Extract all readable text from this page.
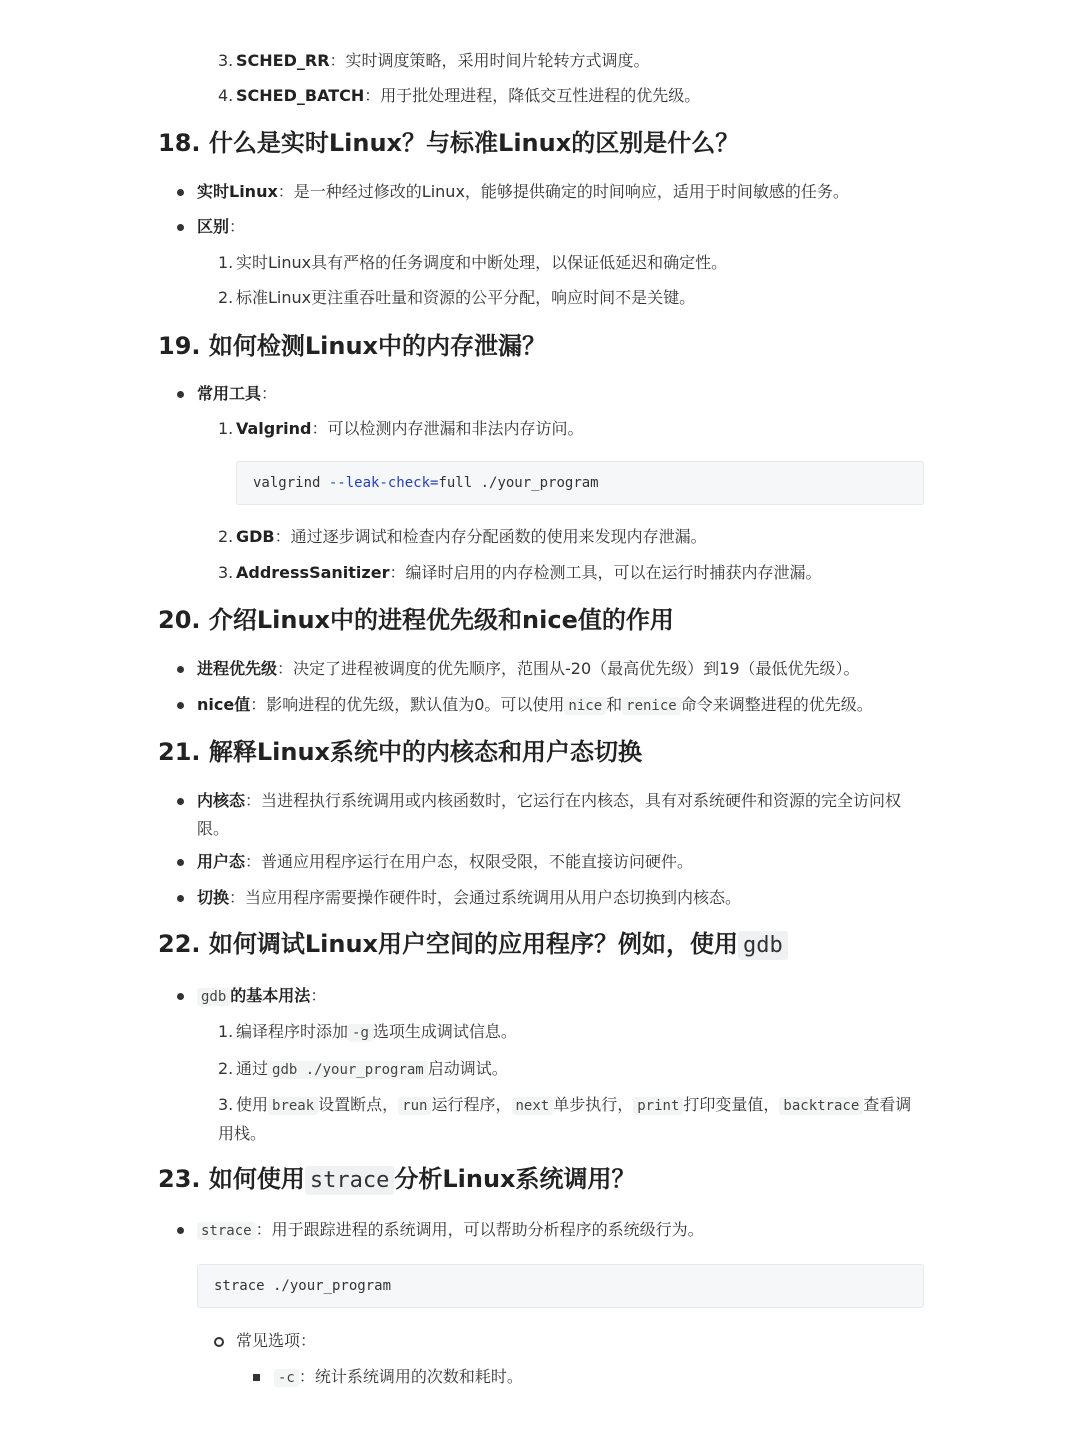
3. SCHED_RR：实时调度策略，采用时间片轮转方式调度。
4. SCHED_BATCH：用于批处理进程，降低交互性进程的优先级。
18. 什么是实时Linux？与标准Linux的区别是什么？
实时Linux：是一种经过修改的Linux，能够提供确定的时间响应，适用于时间敏感的任务。
区别：
1. 实时Linux具有严格的任务调度和中断处理，以保证低延迟和确定性。
2. 标准Linux更注重吞吐量和资源的公平分配，响应时间不是关键。
19. 如何检测Linux中的内存泄漏？
常用工具：
1. Valgrind：可以检测内存泄漏和非法内存访问。
valgrind --leak-check=full ./your_program
2. GDB：通过逐步调试和检查内存分配函数的使用来发现内存泄漏。
3. AddressSanitizer：编译时启用的内存检测工具，可以在运行时捕获内存泄漏。
20. 介绍Linux中的进程优先级和nice值的作用
进程优先级：决定了进程被调度的优先顺序，范围从-20（最高优先级）到19（最低优先级）。
nice值：影响进程的优先级，默认值为0。可以使用 nice 和 renice 命令来调整进程的优先级。
21. 解释Linux系统中的内核态和用户态切换
内核态：当进程执行系统调用或内核函数时，它运行在内核态，具有对系统硬件和资源的完全访问权限。
用户态：普通应用程序运行在用户态，权限受限，不能直接访问硬件。
切换：当应用程序需要操作硬件时，会通过系统调用从用户态切换到内核态。
22. 如何调试Linux用户空间的应用程序？例如，使用 gdb
gdb 的基本用法：
1. 编译程序时添加 -g 选项生成调试信息。
2. 通过 gdb ./your_program 启动调试。
3. 使用 break 设置断点， run 运行程序， next 单步执行， print 打印变量值， backtrace 查看调用栈。
23. 如何使用 strace 分析Linux系统调用？
strace ：用于跟踪进程的系统调用，可以帮助分析程序的系统级行为。
strace ./your_program
常见选项：
-c ：统计系统调用的次数和耗时。
